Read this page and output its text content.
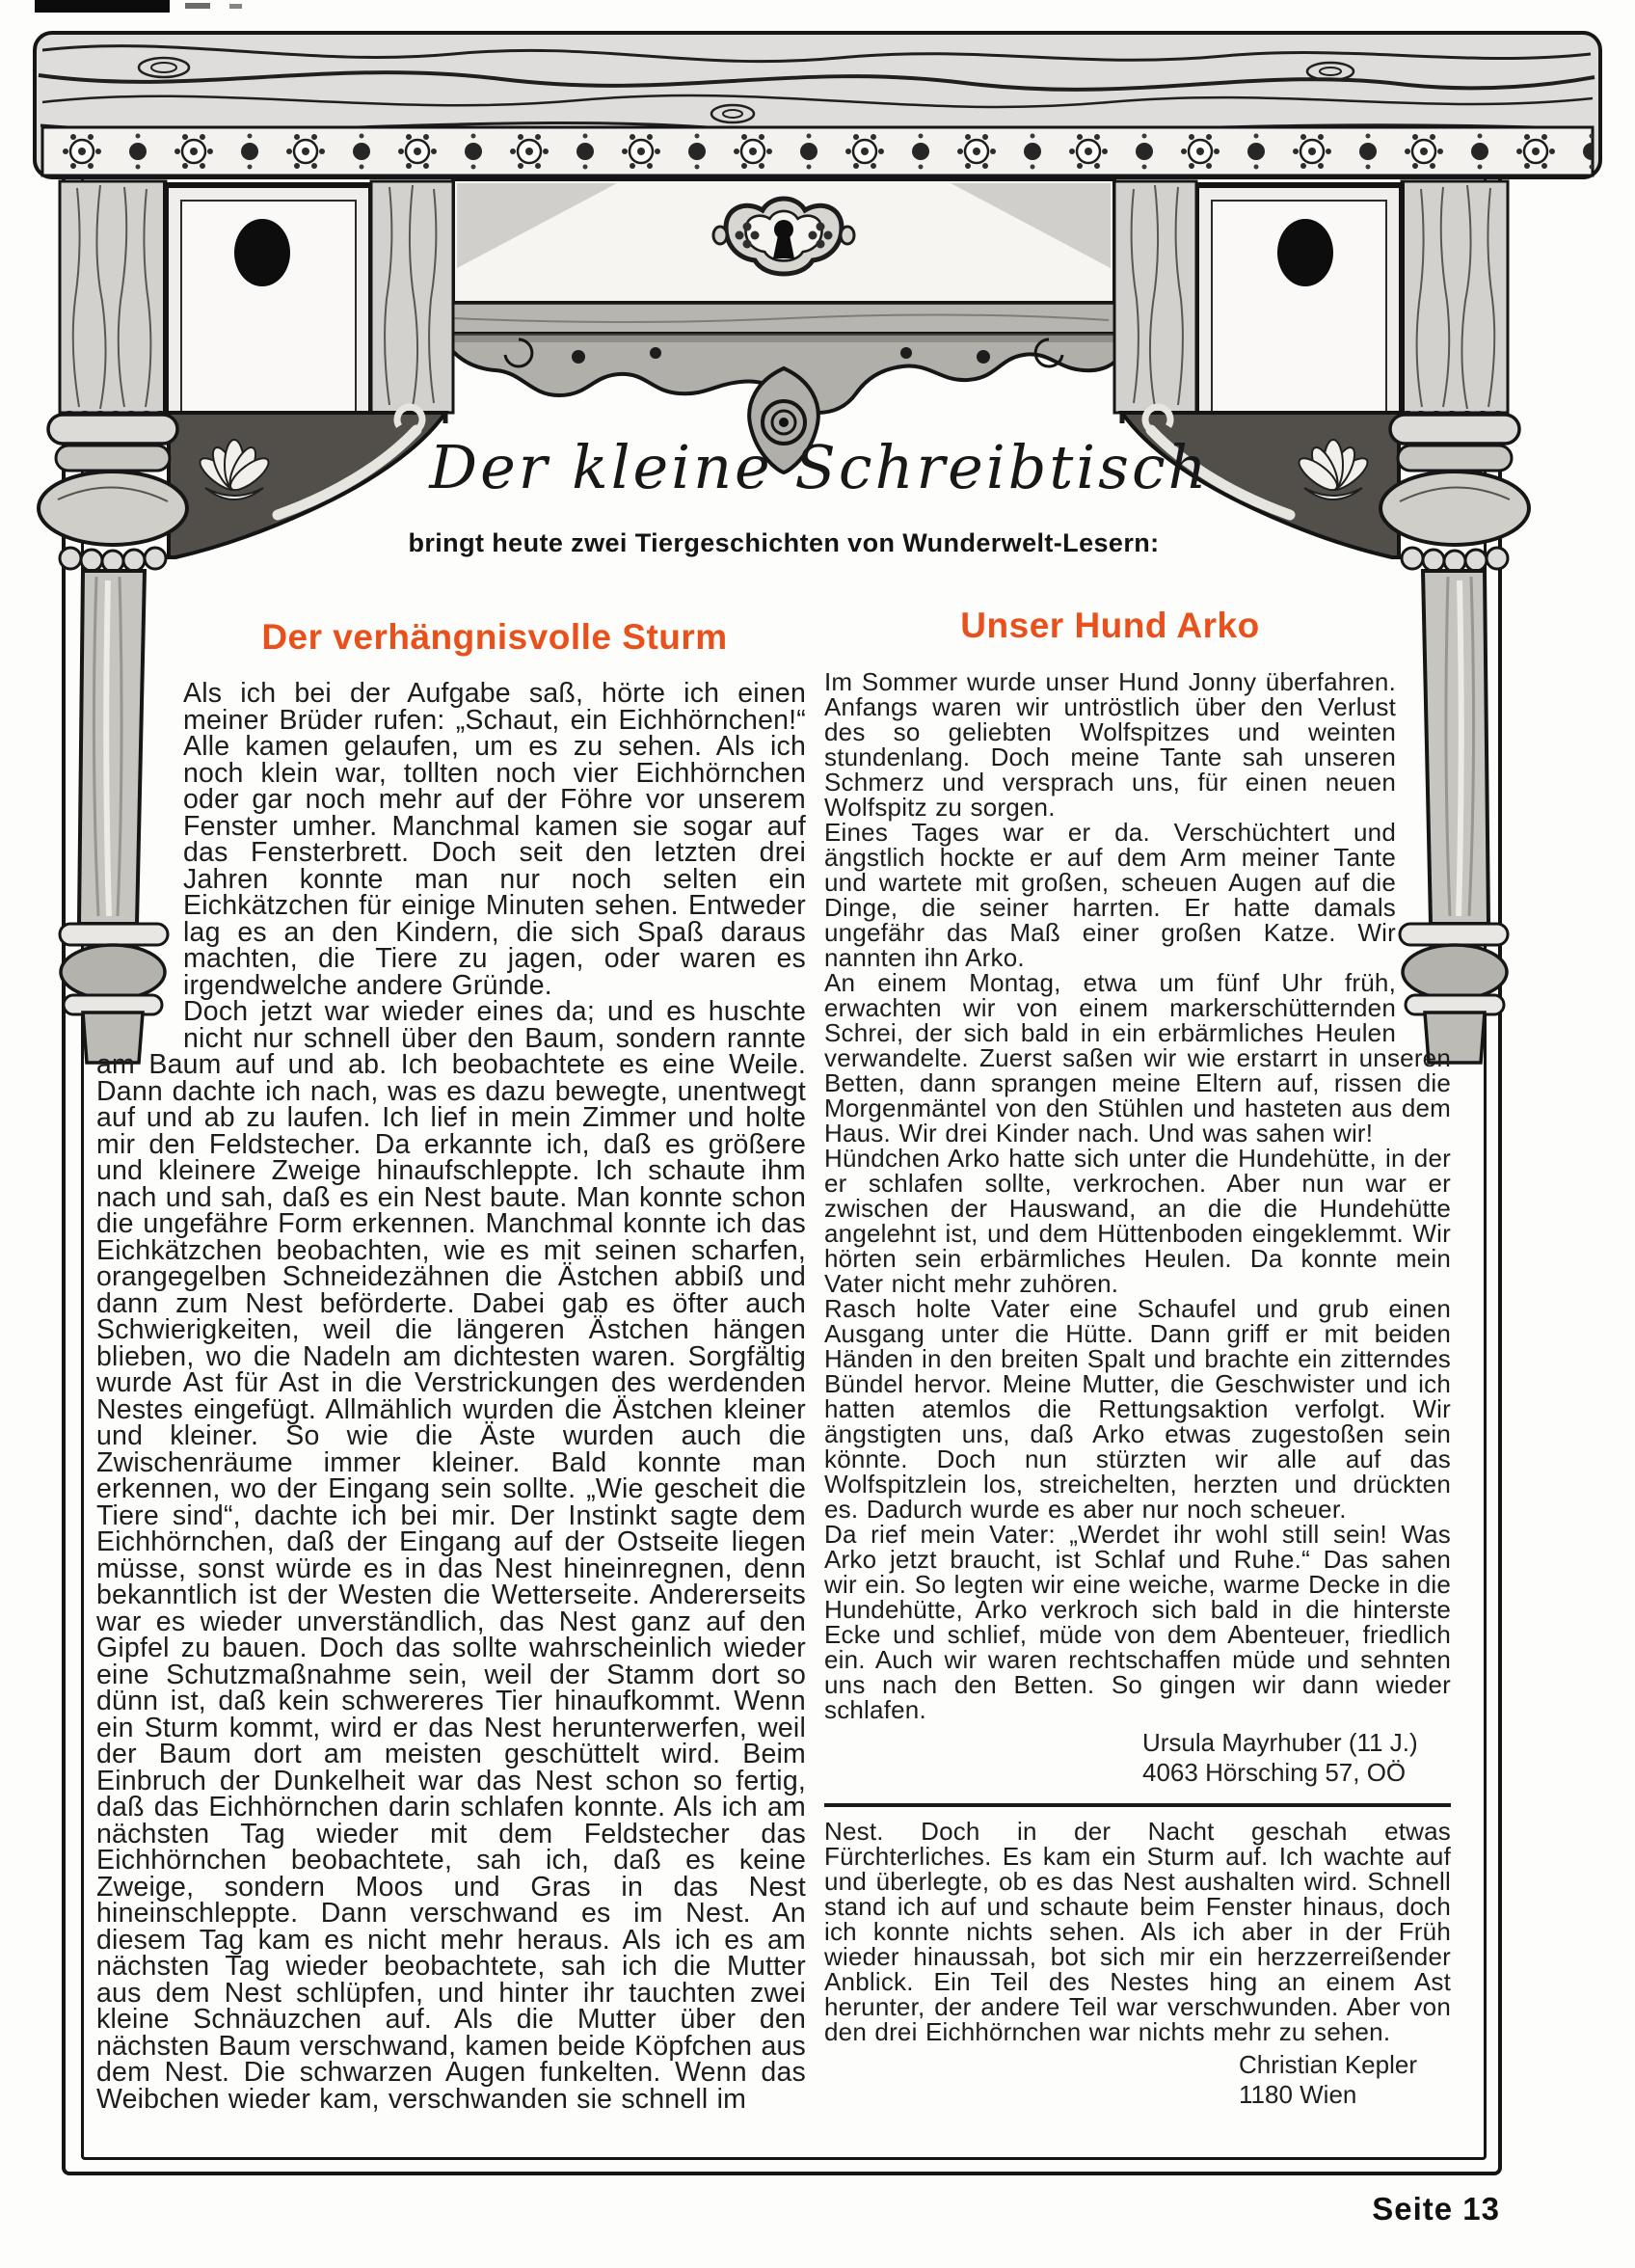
Der kleine Schreibtisch
bringt heute zwei Tiergeschichten von Wunderwelt-Lesern:
Der verhängnisvolle Sturm

Als ich bei der Aufgabe saß, hörte ich einen meiner Brüder rufen: „Schaut, ein Eichhörnchen!“ Alle kamen gelaufen, um es zu sehen. Als ich noch klein war, tollten noch vier Eichhörnchen oder gar noch mehr auf der Föhre vor unserem Fenster umher. Manchmal kamen sie sogar auf das Fensterbrett. Doch seit den letzten drei Jahren konnte man nur noch selten ein Eichkätzchen für einige Minuten sehen. Entweder lag es an den Kindern, die sich Spaß daraus machten, die Tiere zu jagen, oder waren es irgendwelche andere Gründe.

Doch jetzt war wieder eines da; und es huschte nicht nur schnell über den Baum, sondern rannte am Baum auf und ab. Ich beobachtete es eine Weile. Dann dachte ich nach, was es dazu bewegte, unentwegt auf und ab zu laufen. Ich lief in mein Zimmer und holte mir den Feldstecher. Da erkannte ich, daß es größere und kleinere Zweige hinaufschleppte. Ich schaute ihm nach und sah, daß es ein Nest baute. Man konnte schon die ungefähre Form erkennen. Manchmal konnte ich das Eichkätzchen beobachten, wie es mit seinen scharfen, orangegelben Schneidezähnen die Ästchen abbiß und dann zum Nest beförderte. Dabei gab es öfter auch Schwierigkeiten, weil die längeren Ästchen hängen blieben, wo die Nadeln am dichtesten waren. Sorgfältig wurde Ast für Ast in die Verstrickungen des werdenden Nestes eingefügt. Allmählich wurden die Ästchen kleiner und kleiner. So wie die Äste wurden auch die Zwischenräume immer kleiner. Bald konnte man erkennen, wo der Eingang sein sollte. „Wie gescheit die Tiere sind“, dachte ich bei mir. Der Instinkt sagte dem Eichhörnchen, daß der Eingang auf der Ostseite liegen müsse, sonst würde es in das Nest hineinregnen, denn bekanntlich ist der Westen die Wetterseite. Andererseits war es wieder unverständlich, das Nest ganz auf den Gipfel zu bauen. Doch das sollte wahrscheinlich wieder eine Schutzmaßnahme sein, weil der Stamm dort so dünn ist, daß kein schwereres Tier hinaufkommt. Wenn ein Sturm kommt, wird er das Nest herunterwerfen, weil der Baum dort am meisten geschüttelt wird. Beim Einbruch der Dunkelheit war das Nest schon so fertig, daß das Eichhörnchen darin schlafen konnte. Als ich am nächsten Tag wieder mit dem Feldstecher das Eichhörnchen beobachtete, sah ich, daß es keine Zweige, sondern Moos und Gras in das Nest hineinschleppte. Dann verschwand es im Nest. An diesem Tag kam es nicht mehr heraus. Als ich es am nächsten Tag wieder beobachtete, sah ich die Mutter aus dem Nest schlüpfen, und hinter ihr tauchten zwei kleine Schnäuzchen auf. Als die Mutter über den nächsten Baum verschwand, kamen beide Köpfchen aus dem Nest. Die schwarzen Augen funkelten. Wenn das Weibchen wieder kam, verschwanden sie schnell im

Unser Hund Arko

Im Sommer wurde unser Hund Jonny überfahren. Anfangs waren wir untröstlich über den Verlust des so geliebten Wolfspitzes und weinten stundenlang. Doch meine Tante sah unseren Schmerz und versprach uns, für einen neuen Wolfspitz zu sorgen.

Eines Tages war er da. Verschüchtert und ängstlich hockte er auf dem Arm meiner Tante und wartete mit großen, scheuen Augen auf die Dinge, die seiner harrten. Er hatte damals ungefähr das Maß einer großen Katze. Wir nannten ihn Arko.

An einem Montag, etwa um fünf Uhr früh, erwachten wir von einem markerschütternden Schrei, der sich bald in ein erbärmliches Heulen verwandelte. Zuerst saßen wir wie erstarrt in unseren Betten, dann sprangen meine Eltern auf, rissen die Morgenmäntel von den Stühlen und hasteten aus dem Haus. Wir drei Kinder nach. Und was sahen wir!

Hündchen Arko hatte sich unter die Hundehütte, in der er schlafen sollte, verkrochen. Aber nun war er zwischen der Hauswand, an die die Hundehütte angelehnt ist, und dem Hüttenboden eingeklemmt. Wir hörten sein erbärmliches Heulen. Da konnte mein Vater nicht mehr zuhören.

Rasch holte Vater eine Schaufel und grub einen Ausgang unter die Hütte. Dann griff er mit beiden Händen in den breiten Spalt und brachte ein zitterndes Bündel hervor. Meine Mutter, die Geschwister und ich hatten atemlos die Rettungsaktion verfolgt. Wir ängstigten uns, daß Arko etwas zugestoßen sein könnte. Doch nun stürzten wir alle auf das Wolfspitzlein los, streichelten, herzten und drückten es. Dadurch wurde es aber nur noch scheuer.

Da rief mein Vater: „Werdet ihr wohl still sein! Was Arko jetzt braucht, ist Schlaf und Ruhe.“ Das sahen wir ein. So legten wir eine weiche, warme Decke in die Hundehütte, Arko verkroch sich bald in die hinterste Ecke und schlief, müde von dem Abenteuer, friedlich ein. Auch wir waren rechtschaffen müde und sehnten uns nach den Betten. So gingen wir dann wieder schlafen.

Ursula Mayrhuber (11 J.)
4063 Hörsching 57, OÖ

Nest. Doch in der Nacht geschah etwas Fürchterliches. Es kam ein Sturm auf. Ich wachte auf und überlegte, ob es das Nest aushalten wird. Schnell stand ich auf und schaute beim Fenster hinaus, doch ich konnte nichts sehen. Als ich aber in der Früh wieder hinaussah, bot sich mir ein herzzerreißender Anblick. Ein Teil des Nestes hing an einem Ast herunter, der andere Teil war verschwunden. Aber von den drei Eichhörnchen war nichts mehr zu sehen.

Christian Kepler
1180 Wien
Seite 13
